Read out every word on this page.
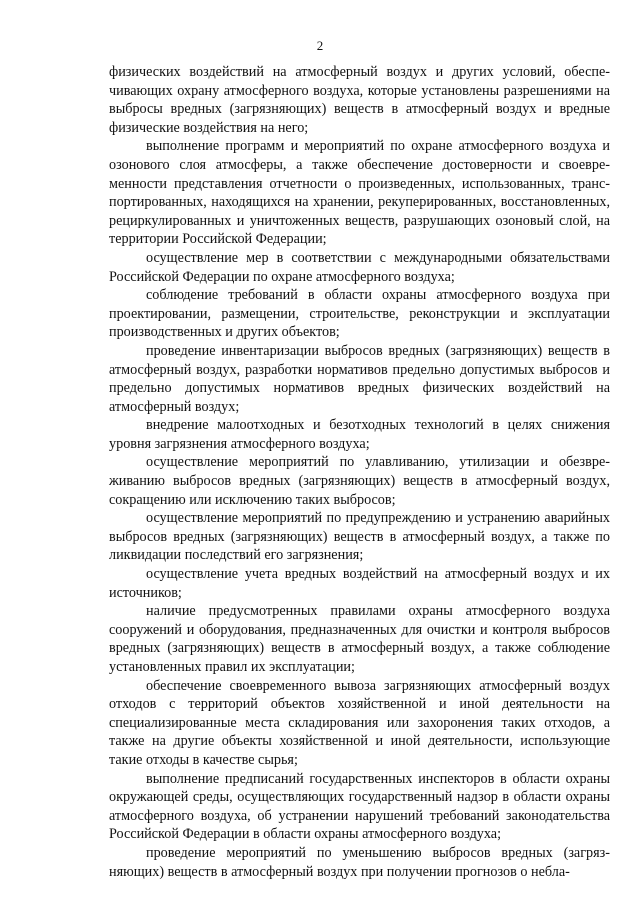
2

физических воздействий на атмосферный воздух и других условий, обеспечивающих охрану атмосферного воздуха, которые установлены разрешениями на выбросы вредных (загрязняющих) веществ в атмосферный воздух и вредные физические воздействия на него;

выполнение программ и мероприятий по охране атмосферного воздуха и озонового слоя атмосферы, а также обеспечение достоверности и своевременности представления отчетности о произведенных, использованных, транспортированных, находящихся на хранении, рекуперированных, восстановленных, рециркулированных и уничтоженных веществ, разрушающих озоновый слой, на территории Российской Федерации;

осуществление мер в соответствии с международными обязательствами Российской Федерации по охране атмосферного воздуха;

соблюдение требований в области охраны атмосферного воздуха при проектировании, размещении, строительстве, реконструкции и эксплуатации производственных и других объектов;

проведение инвентаризации выбросов вредных (загрязняющих) веществ в атмосферный воздух, разработки нормативов предельно допустимых выбросов и предельно допустимых нормативов вредных физических воздействий на атмосферный воздух;

внедрение малоотходных и безотходных технологий в целях снижения уровня загрязнения атмосферного воздуха;

осуществление мероприятий по улавливанию, утилизации и обезвреживанию выбросов вредных (загрязняющих) веществ в атмосферный воздух, сокращению или исключению таких выбросов;

осуществление мероприятий по предупреждению и устранению аварийных выбросов вредных (загрязняющих) веществ в атмосферный воздух, а также по ликвидации последствий его загрязнения;

осуществление учета вредных воздействий на атмосферный воздух и их источников;

наличие предусмотренных правилами охраны атмосферного воздуха сооружений и оборудования, предназначенных для очистки и контроля выбросов вредных (загрязняющих) веществ в атмосферный воздух, а также соблюдение установленных правил их эксплуатации;

обеспечение своевременного вывоза загрязняющих атмосферный воздух отходов с территорий объектов хозяйственной и иной деятельности на специализированные места складирования или захоронения таких отходов, а также на другие объекты хозяйственной и иной деятельности, использующие такие отходы в качестве сырья;

выполнение предписаний государственных инспекторов в области охраны окружающей среды, осуществляющих государственный надзор в области охраны атмосферного воздуха, об устранении нарушений требований законодательства Российской Федерации в области охраны атмосферного воздуха;

проведение мероприятий по уменьшению выбросов вредных (загрязняющих) веществ в атмосферный воздух при получении прогнозов о небла-
